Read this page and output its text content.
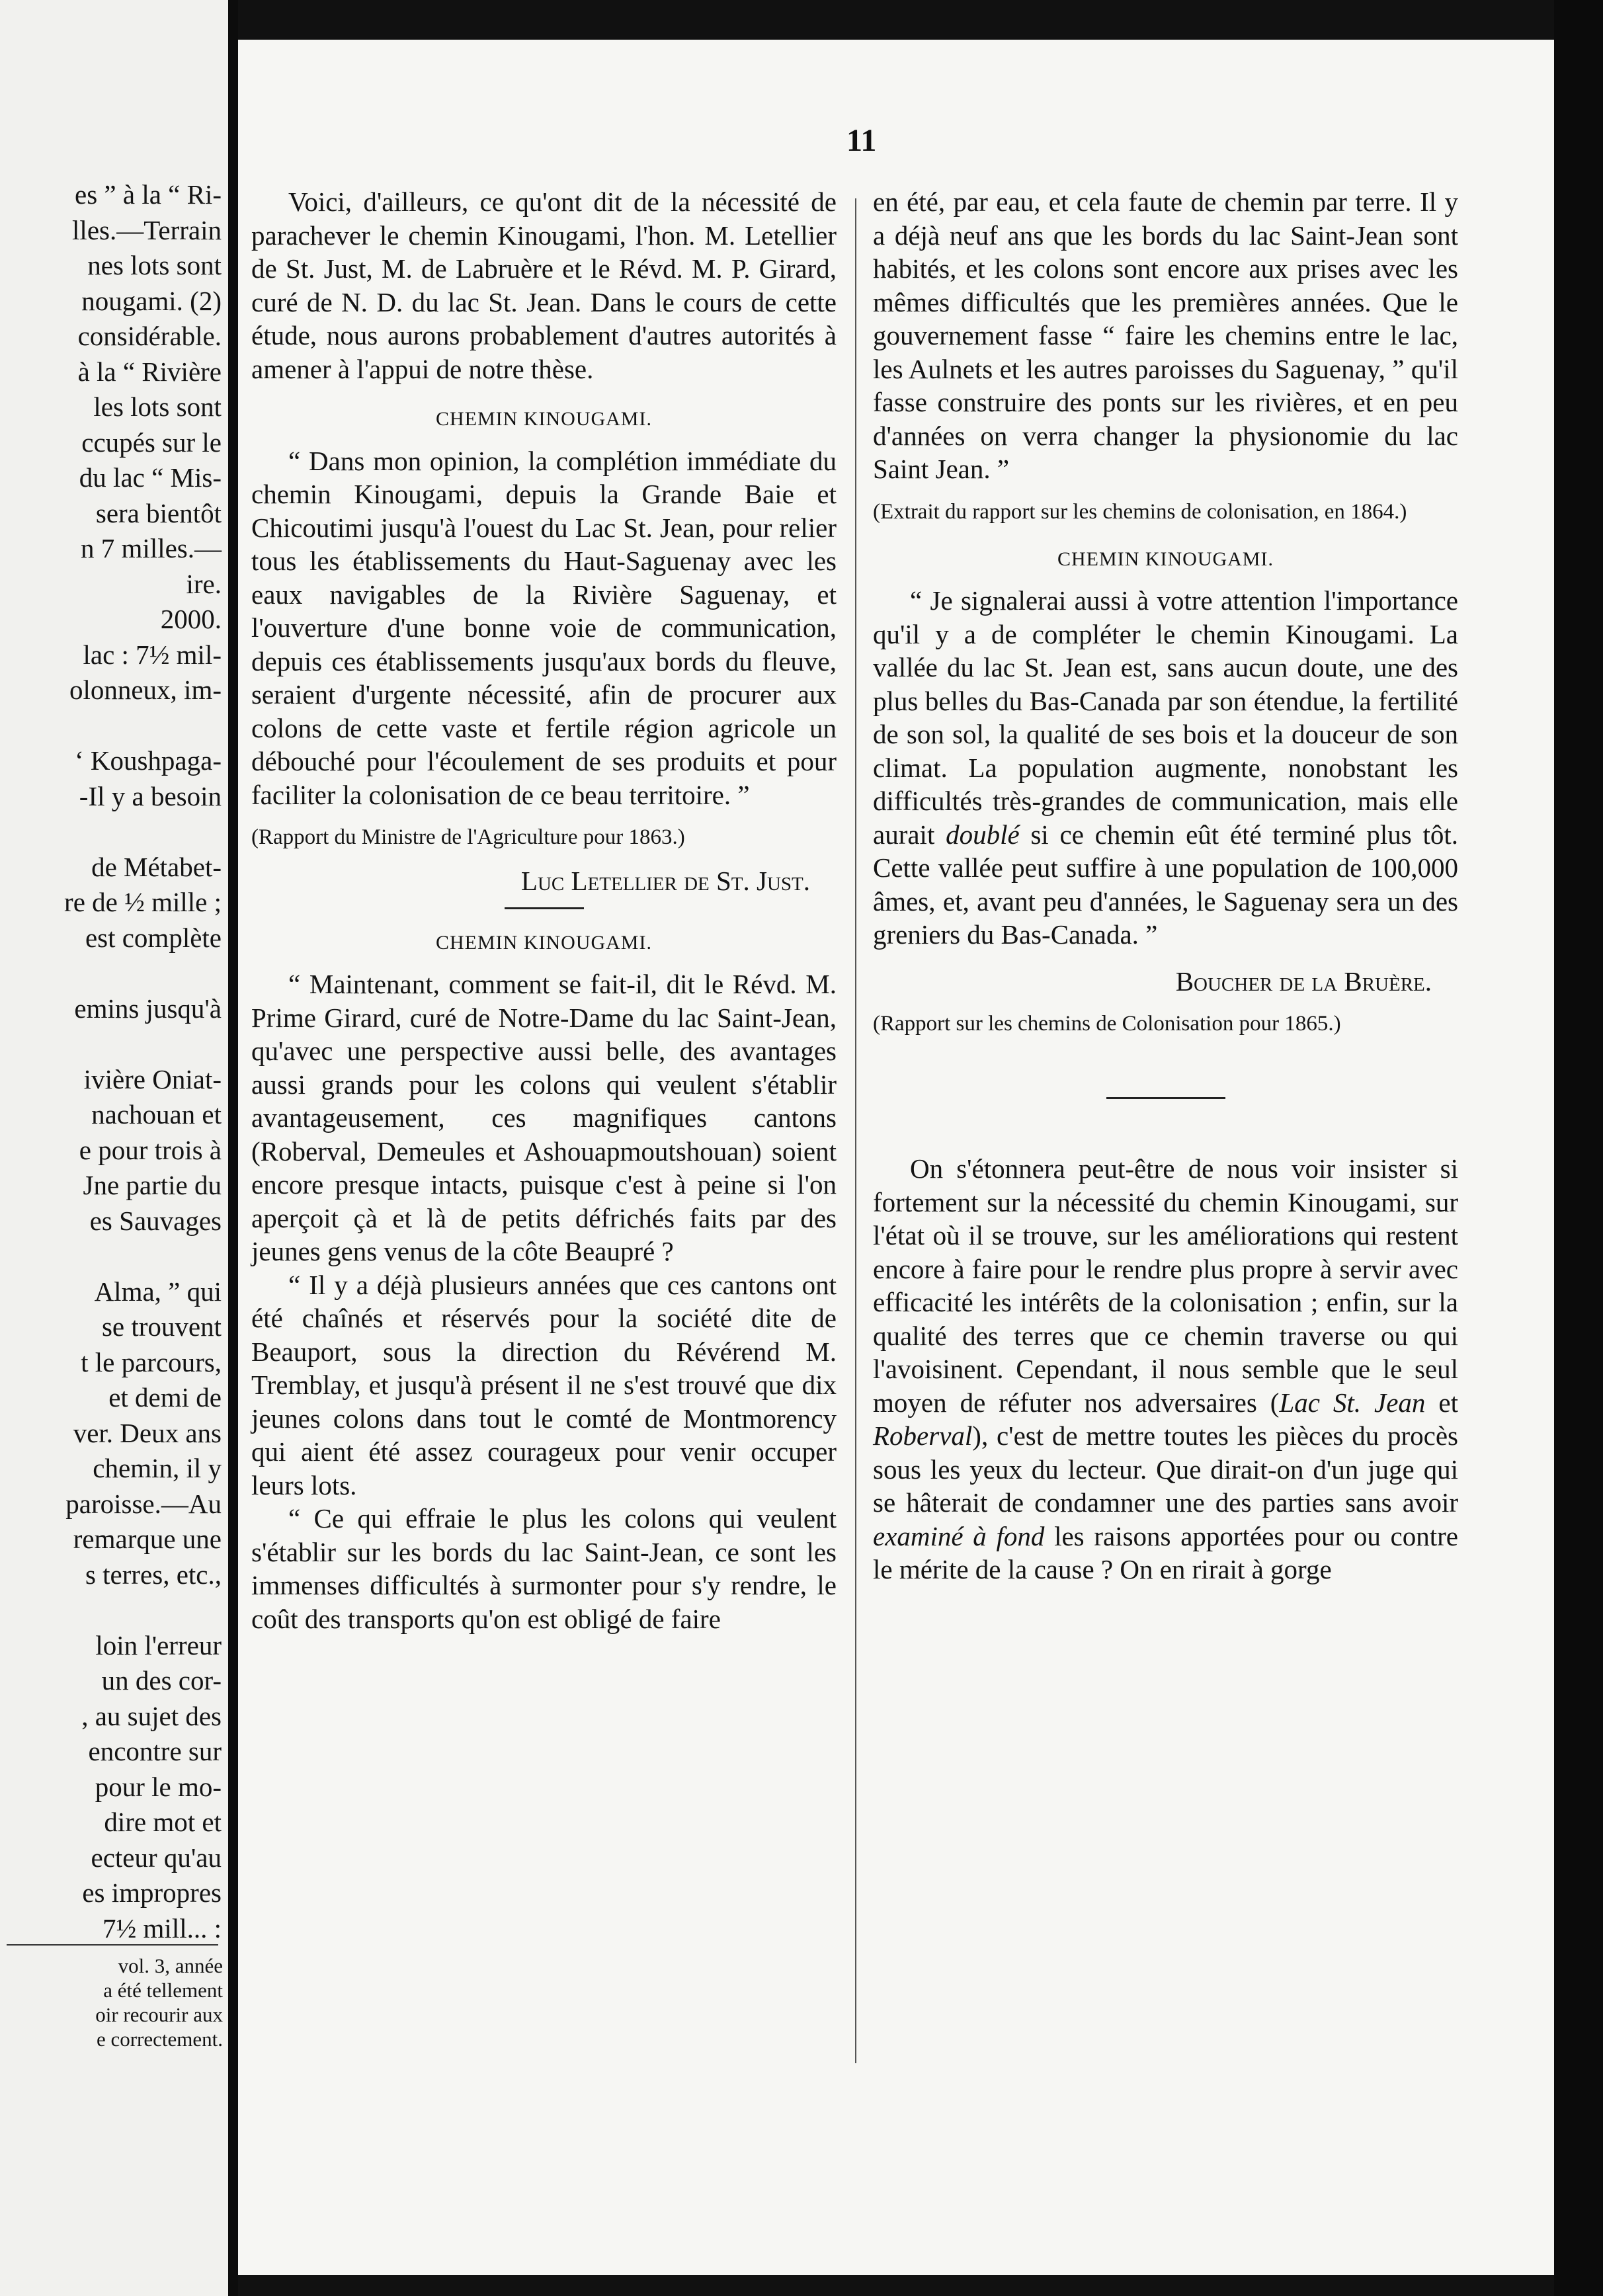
es ” à la “ Ri-
lles.—Terrain
nes lots sont
nougami. (2)
considérable.
à la “ Rivière
les lots sont
ccupés sur le
du lac “ Mis-
sera bientôt
n 7 milles.—
ire.
2000.
lac : 7½ mil-
olonneux, im-
‘ Koushpaga-
-Il y a besoin
de Métabet-
re de ½ mille ;
est complète
emins jusqu'à
ivière Oniat-
nachouan et
e pour trois à
Jne partie du
es Sauvages
Alma, ” qui
se trouvent
t le parcours,
et demi de
ver. Deux ans
chemin, il y
paroisse.—Au
remarque une
s terres, etc.,
loin l'erreur
un des cor-
, au sujet des
encontre sur
pour le mo-
dire mot et
ecteur qu'au
es impropres
7½ mill... :
vol. 3, année
a été tellement
oir recourir aux
e correctement.
11

Voici, d'ailleurs, ce qu'ont dit de la nécessité de parachever le chemin Kinougami, l'hon. M. Letellier de St. Just, M. de Labruère et le Révd. M. P. Girard, curé de N. D. du lac St. Jean. Dans le cours de cette étude, nous aurons probablement d'autres autorités à amener à l'appui de notre thèse.

CHEMIN KINOUGAMI.

“ Dans mon opinion, la complétion immédiate du chemin Kinougami, depuis la Grande Baie et Chicoutimi jusqu'à l'ouest du Lac St. Jean, pour relier tous les établissements du Haut-Saguenay avec les eaux navigables de la Rivière Saguenay, et l'ouverture d'une bonne voie de communication, depuis ces établissements jusqu'aux bords du fleuve, seraient d'urgente nécessité, afin de procurer aux colons de cette vaste et fertile région agricole un débouché pour l'écoulement de ses produits et pour faciliter la colonisation de ce beau territoire. ”

(Rapport du Ministre de l'Agriculture pour 1863.)
Luc Letellier de St. Just.
CHEMIN KINOUGAMI.

“ Maintenant, comment se fait-il, dit le Révd. M. Prime Girard, curé de Notre-Dame du lac Saint-Jean, qu'avec une perspective aussi belle, des avantages aussi grands pour les colons qui veulent s'établir avantageusement, ces magnifiques cantons (Roberval, Demeules et Ashouapmoutshouan) soient encore presque intacts, puisque c'est à peine si l'on aperçoit çà et là de petits défrichés faits par des jeunes gens venus de la côte Beaupré ?

“ Il y a déjà plusieurs années que ces cantons ont été chaînés et réservés pour la société dite de Beauport, sous la direction du Révérend M. Tremblay, et jusqu'à présent il ne s'est trouvé que dix jeunes colons dans tout le comté de Montmorency qui aient été assez courageux pour venir occuper leurs lots.

“ Ce qui effraie le plus les colons qui veulent s'établir sur les bords du lac Saint-Jean, ce sont les immenses difficultés à surmonter pour s'y rendre, le coût des transports qu'on est obligé de faire

en été, par eau, et cela faute de chemin par terre. Il y a déjà neuf ans que les bords du lac Saint-Jean sont habités, et les colons sont encore aux prises avec les mêmes difficultés que les premières années. Que le gouvernement fasse “ faire les chemins entre le lac, les Aulnets et les autres paroisses du Saguenay, ” qu'il fasse construire des ponts sur les rivières, et en peu d'années on verra changer la physionomie du lac Saint Jean. ”

(Extrait du rapport sur les chemins de colonisation, en 1864.)
CHEMIN KINOUGAMI.

“ Je signalerai aussi à votre attention l'importance qu'il y a de compléter le chemin Kinougami. La vallée du lac St. Jean est, sans aucun doute, une des plus belles du Bas-Canada par son étendue, la fertilité de son sol, la qualité de ses bois et la douceur de son climat. La population augmente, nonobstant les difficultés très-grandes de communication, mais elle aurait doublé si ce chemin eût été terminé plus tôt. Cette vallée peut suffire à une population de 100,000 âmes, et, avant peu d'années, le Saguenay sera un des greniers du Bas-Canada. ”

Boucher de la Bruère.
(Rapport sur les chemins de Colonisation pour 1865.)

On s'étonnera peut-être de nous voir insister si fortement sur la nécessité du chemin Kinougami, sur l'état où il se trouve, sur les améliorations qui restent encore à faire pour le rendre plus propre à servir avec efficacité les intérêts de la colonisation ; enfin, sur la qualité des terres que ce chemin traverse ou qui l'avoisinent. Cependant, il nous semble que le seul moyen de réfuter nos adversaires (Lac St. Jean et Roberval), c'est de mettre toutes les pièces du procès sous les yeux du lecteur. Que dirait-on d'un juge qui se hâterait de condamner une des parties sans avoir examiné à fond les raisons apportées pour ou contre le mérite de la cause ? On en rirait à gorge
